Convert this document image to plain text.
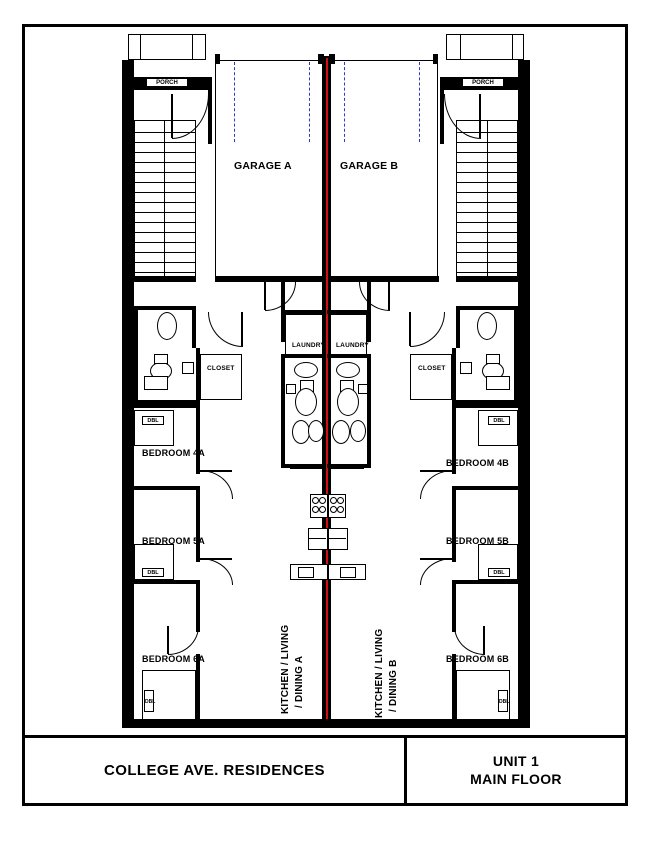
GARAGE A	GARAGE B
PORCH	PORCH
LAUNDRY LAUNDRY
CLOSET	CLOSET
BEDROOM 4A
DBL
BEDROOM 5A
DBL
BEDROOM 6A
DBL
BEDROOM 4B
DBL
BEDROOM 5B
DBL
BEDROOM 6B
DBL
KITCHEN / LIVING / DINING A	KITCHEN / LIVING / DINING B
COLLEGE AVE. RESIDENCES
UNIT 1
MAIN FLOOR
